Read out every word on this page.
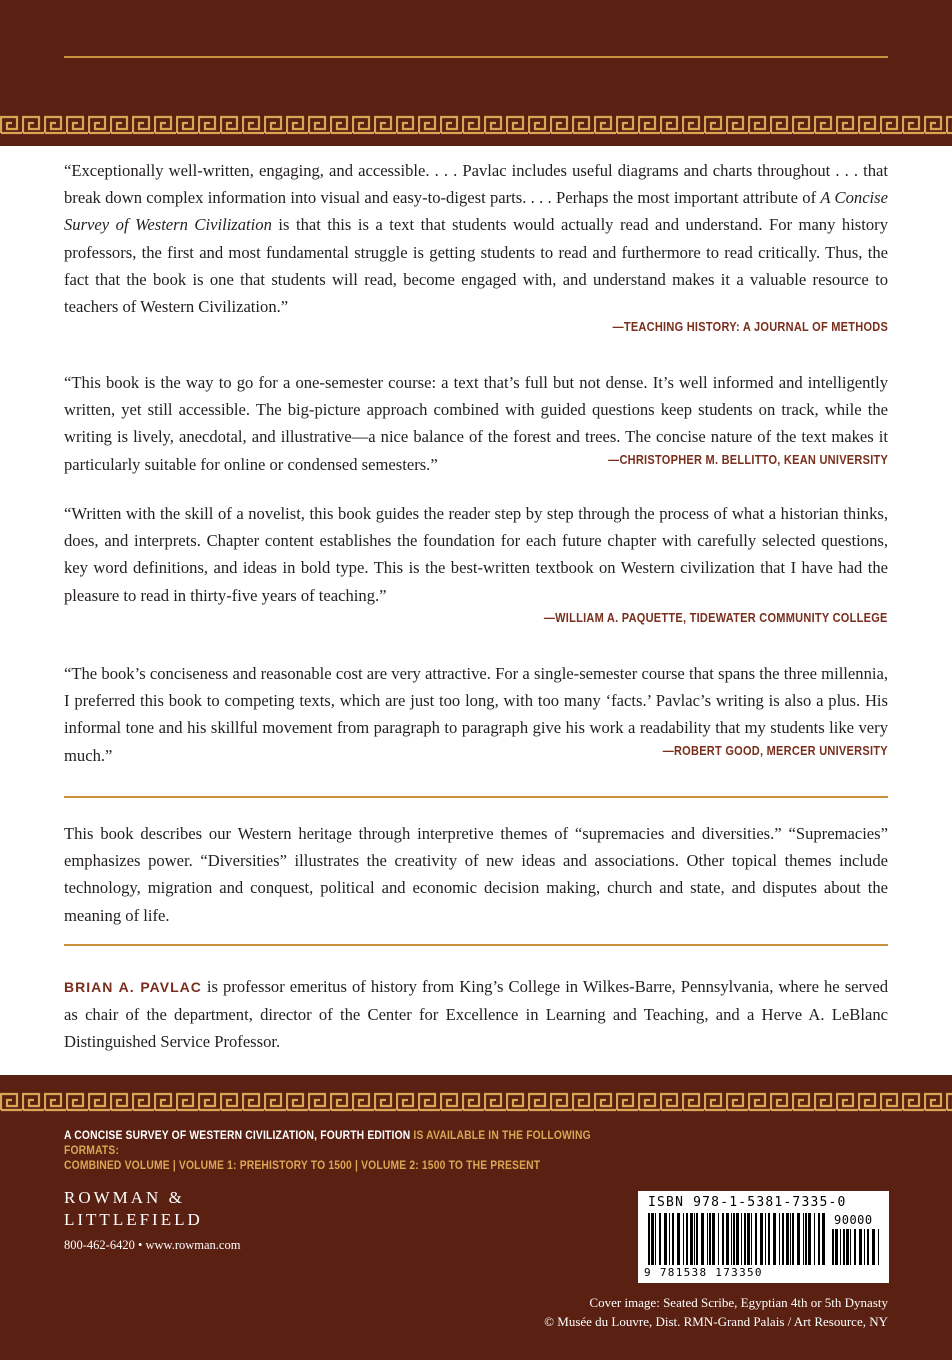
“Exceptionally well-written, engaging, and accessible. . . . Pavlac includes useful diagrams and charts throughout . . . that break down complex information into visual and easy-to-digest parts. . . . Perhaps the most important attribute of A Concise Survey of Western Civilization is that this is a text that students would actually read and understand. For many history professors, the first and most fundamental struggle is getting students to read and furthermore to read critically. Thus, the fact that the book is one that students will read, become engaged with, and understand makes it a valuable resource to teachers of Western Civilization.”
—TEACHING HISTORY: A JOURNAL OF METHODS
“This book is the way to go for a one-semester course: a text that’s full but not dense. It’s well informed and intelligently written, yet still accessible. The big-picture approach combined with guided questions keep students on track, while the writing is lively, anecdotal, and illustrative—a nice balance of the forest and trees. The concise nature of the text makes it particularly suitable for online or condensed semesters.”	—CHRISTOPHER M. BELLITTO, KEAN UNIVERSITY
“Written with the skill of a novelist, this book guides the reader step by step through the process of what a historian thinks, does, and interprets. Chapter content establishes the foundation for each future chapter with carefully selected questions, key word definitions, and ideas in bold type. This is the best-written textbook on Western civilization that I have had the pleasure to read in thirty-five years of teaching.”
—WILLIAM A. PAQUETTE, TIDEWATER COMMUNITY COLLEGE
“The book’s conciseness and reasonable cost are very attractive. For a single-semester course that spans the three millennia, I preferred this book to competing texts, which are just too long, with too many ‘facts.’ Pavlac’s writing is also a plus. His informal tone and his skillful movement from paragraph to paragraph give his work a readability that my students like very much.”	—ROBERT GOOD, MERCER UNIVERSITY
This book describes our Western heritage through interpretive themes of “supremacies and diversities.” “Supremacies” emphasizes power. “Diversities” illustrates the creativity of new ideas and associations. Other topical themes include technology, migration and conquest, political and economic decision making, church and state, and disputes about the meaning of life.
BRIAN A. PAVLAC is professor emeritus of history from King’s College in Wilkes-Barre, Pennsylvania, where he served as chair of the department, director of the Center for Excellence in Learning and Teaching, and a Herve A. LeBlanc Distinguished Service Professor.
A CONCISE SURVEY OF WESTERN CIVILIZATION, FOURTH EDITION IS AVAILABLE IN THE FOLLOWING FORMATS:
COMBINED VOLUME | VOLUME 1: PREHISTORY TO 1500 | VOLUME 2: 1500 TO THE PRESENT
ROWMAN &
LITTLEFIELD
800-462-6420 • www.rowman.com
ISBN 978-1-5381-7335-0
90000
9 781538 173350
Cover image: Seated Scribe, Egyptian 4th or 5th Dynasty
© Musée du Louvre, Dist. RMN-Grand Palais / Art Resource, NY
